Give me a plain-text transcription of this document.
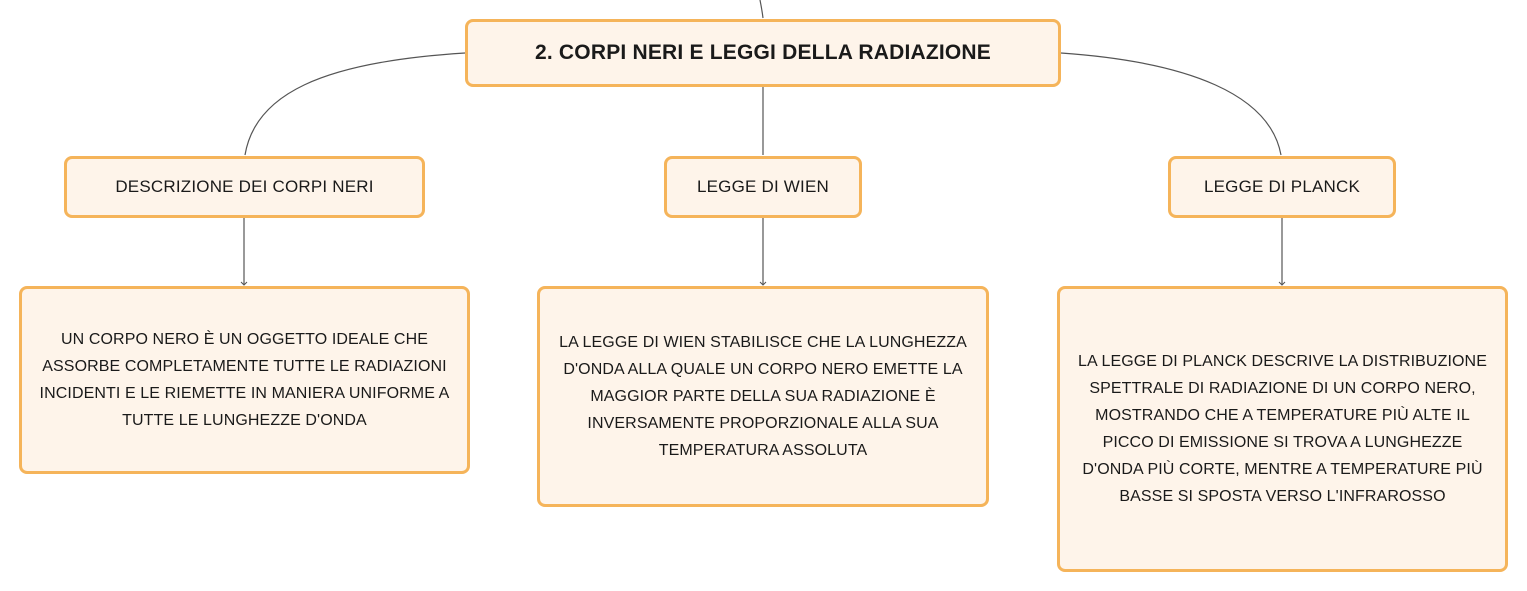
2. CORPI NERI E LEGGI DELLA RADIAZIONE
DESCRIZIONE DEI CORPI NERI	LEGGE DI WIEN	LEGGE DI PLANCK
UN CORPO NERO È UN OGGETTO IDEALE CHE
ASSORBE COMPLETAMENTE TUTTE LE RADIAZIONI
INCIDENTI E LE RIEMETTE IN MANIERA UNIFORME A
TUTTE LE LUNGHEZZE D'ONDA
LA LEGGE DI WIEN STABILISCE CHE LA LUNGHEZZA
D'ONDA ALLA QUALE UN CORPO NERO EMETTE LA
MAGGIOR PARTE DELLA SUA RADIAZIONE È
INVERSAMENTE PROPORZIONALE ALLA SUA
TEMPERATURA ASSOLUTA
LA LEGGE DI PLANCK DESCRIVE LA DISTRIBUZIONE
SPETTRALE DI RADIAZIONE DI UN CORPO NERO,
MOSTRANDO CHE A TEMPERATURE PIÙ ALTE IL
PICCO DI EMISSIONE SI TROVA A LUNGHEZZE
D'ONDA PIÙ CORTE, MENTRE A TEMPERATURE PIÙ
BASSE SI SPOSTA VERSO L'INFRAROSSO
